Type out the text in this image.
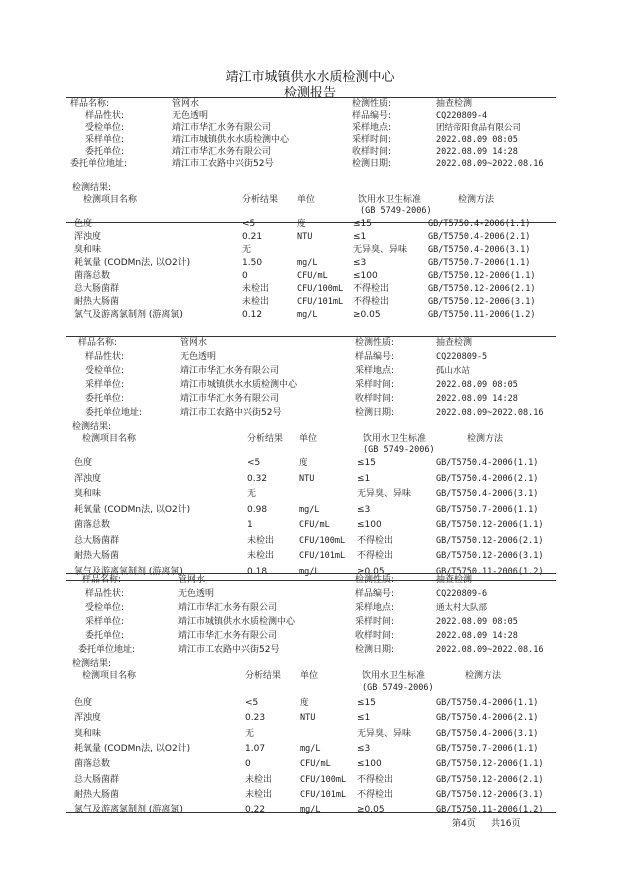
靖江市城镇供水水质检测中心
检测报告
样品名称:	管网水	检测性质:	抽查检测
样品性状:	无色透明	样品编号:	CQ220809-4
受检单位:	靖江市华汇水务有限公司	采样地点:	团结帝阳食品有限公司
采样单位:	靖江市城镇供水水质检测中心	采样时间:	2022.08.09 08:05
委托单位:	靖江市华汇水务有限公司	收样时间:	2022.08.09 14:28
委托单位地址:	靖江市工农路中兴街52号	检测日期:	2022.08.09~2022.08.16
检测结果:
检测项目名称	分析结果 单位	饮用水卫生标准	检测方法
(GB 5749-2006)
色度	<5	度	≤15	GB/T5750.4-2006(1.1)
浑浊度	0.21	NTU	≤1	GB/T5750.4-2006(2.1)
臭和味	无	无异臭、异味 GB/T5750.4-2006(3.1)
耗氧量 (CODMn法, 以O2计)	1.50	mg/L	≤3	GB/T5750.7-2006(1.1)
菌落总数	0	CFU/mL	≤100	GB/T5750.12-2006(1.1)
总大肠菌群	未检出	CFU/100mL 不得检出	GB/T5750.12-2006(2.1)
耐热大肠菌	未检出	CFU/101mL 不得检出	GB/T5750.12-2006(3.1)
氯气及游离氯制剂 (游离氯)	0.12	mg/L	≥0.05	GB/T5750.11-2006(1.2)
样品名称:	管网水	检测性质:	抽查检测
样品性状:	无色透明	样品编号:	CQ220809-5
受检单位:	靖江市华汇水务有限公司	采样地点:	孤山水站
采样单位:	靖江市城镇供水水质检测中心	采样时间:	2022.08.09 08:05
委托单位:	靖江市华汇水务有限公司	收样时间:	2022.08.09 14:28
委托单位地址:	靖江市工农路中兴街52号	检测日期:	2022.08.09~2022.08.16
检测结果:
检测项目名称	分析结果 单位	饮用水卫生标准	检测方法
(GB 5749-2006)
色度	<5	度	≤15	GB/T5750.4-2006(1.1)
浑浊度	0.32	NTU	≤1	GB/T5750.4-2006(2.1)
臭和味	无	无异臭、异味	GB/T5750.4-2006(3.1)
耗氧量 (CODMn法, 以O2计)	0.98	mg/L	≤3	GB/T5750.7-2006(1.1)
菌落总数	1	CFU/mL	≤100	GB/T5750.12-2006(1.1)
总大肠菌群	未检出	CFU/100mL 不得检出	GB/T5750.12-2006(2.1)
耐热大肠菌	未检出	CFU/101mL 不得检出	GB/T5750.12-2006(3.1)
氯气及游离氯制剂 (游离氯)	0.18	mg/L	≥0.05	GB/T5750.11-2006(1.2)
样品名称:	管网水	检测性质:	抽查检测
样品性状:	无色透明	样品编号:	CQ220809-6
受检单位:	靖江市华汇水务有限公司	采样地点:	通太村大队部
采样单位:	靖江市城镇供水水质检测中心	采样时间:	2022.08.09 08:05
委托单位:	靖江市华汇水务有限公司	收样时间:	2022.08.09 14:28
委托单位地址:	靖江市工农路中兴街52号	检测日期:	2022.08.09~2022.08.16
检测结果:
检测项目名称	分析结果 单位	饮用水卫生标准	检测方法
(GB 5749-2006)
色度	<5	度	≤15	GB/T5750.4-2006(1.1)
浑浊度	0.23	NTU	≤1	GB/T5750.4-2006(2.1)
臭和味	无	无异臭、异味	GB/T5750.4-2006(3.1)
耗氧量 (CODMn法, 以O2计)	1.07	mg/L	≤3	GB/T5750.7-2006(1.1)
菌落总数	0	CFU/mL	≤100	GB/T5750.12-2006(1.1)
总大肠菌群	未检出	CFU/100mL 不得检出	GB/T5750.12-2006(2.1)
耐热大肠菌	未检出	CFU/101mL 不得检出	GB/T5750.12-2006(3.1)
氯气及游离氯制剂 (游离氯)	0.22	mg/L	≥0.05	GB/T5750.11-2006(1.2)
第4页 共16页
